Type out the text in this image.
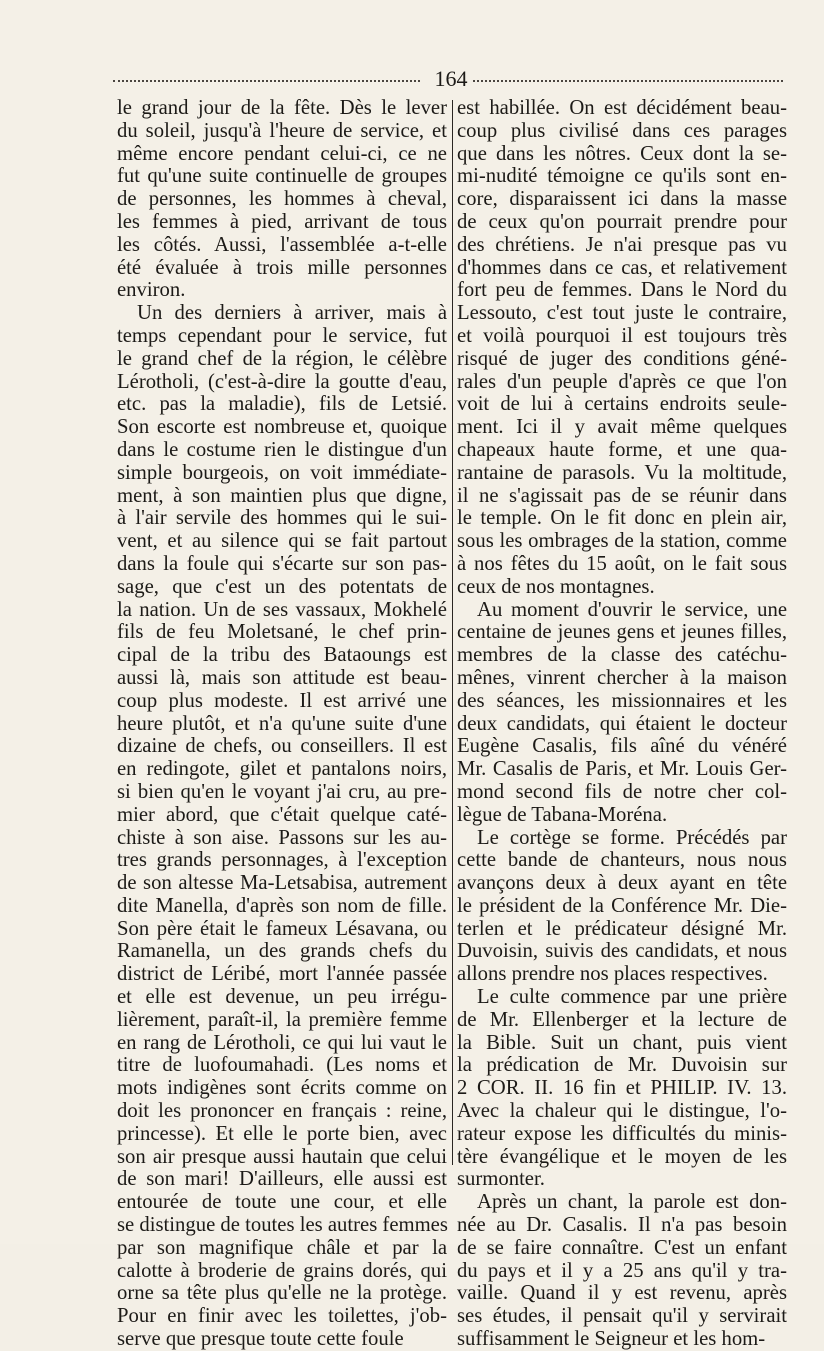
164
le grand jour de la fête. Dès le lever
du soleil, jusqu'à l'heure de service, et
même encore pendant celui-ci, ce ne
fut qu'une suite continuelle de groupes
de personnes, les hommes à cheval,
les femmes à pied, arrivant de tous
les côtés. Aussi, l'assemblée a-t-elle
été évaluée à trois mille personnes
environ.
Un des derniers à arriver, mais à
temps cependant pour le service, fut
le grand chef de la région, le célèbre
Lérotholi, (c'est-à-dire la goutte d'eau,
etc. pas la maladie), fils de Letsié.
Son escorte est nombreuse et, quoique
dans le costume rien le distingue d'un
simple bourgeois, on voit immédiate-
ment, à son maintien plus que digne,
à l'air servile des hommes qui le sui-
vent, et au silence qui se fait partout
dans la foule qui s'écarte sur son pas-
sage, que c'est un des potentats de
la nation. Un de ses vassaux, Mokhelé
fils de feu Moletsané, le chef prin-
cipal de la tribu des Bataoungs est
aussi là, mais son attitude est beau-
coup plus modeste. Il est arrivé une
heure plutôt, et n'a qu'une suite d'une
dizaine de chefs, ou conseillers. Il est
en redingote, gilet et pantalons noirs,
si bien qu'en le voyant j'ai cru, au pre-
mier abord, que c'était quelque caté-
chiste à son aise. Passons sur les au-
tres grands personnages, à l'exception
de son altesse Ma-Letsabisa, autrement
dite Manella, d'après son nom de fille.
Son père était le fameux Lésavana, ou
Ramanella, un des grands chefs du
district de Léribé, mort l'année passée
et elle est devenue, un peu irrégu-
lièrement, paraît-il, la première femme
en rang de Lérotholi, ce qui lui vaut le
titre de luofoumahadi. (Les noms et
mots indigènes sont écrits comme on
doit les prononcer en français : reine,
princesse). Et elle le porte bien, avec
son air presque aussi hautain que celui
de son mari! D'ailleurs, elle aussi est
entourée de toute une cour, et elle
se distingue de toutes les autres femmes
par son magnifique châle et par la
calotte à broderie de grains dorés, qui
orne sa tête plus qu'elle ne la protège.
Pour en finir avec les toilettes, j'ob-
serve que presque toute cette foule
est habillée. On est décidément beau-
coup plus civilisé dans ces parages
que dans les nôtres. Ceux dont la se-
mi-nudité témoigne ce qu'ils sont en-
core, disparaissent ici dans la masse
de ceux qu'on pourrait prendre pour
des chrétiens. Je n'ai presque pas vu
d'hommes dans ce cas, et relativement
fort peu de femmes. Dans le Nord du
Lessouto, c'est tout juste le contraire,
et voilà pourquoi il est toujours très
risqué de juger des conditions géné-
rales d'un peuple d'après ce que l'on
voit de lui à certains endroits seule-
ment. Ici il y avait même quelques
chapeaux haute forme, et une qua-
rantaine de parasols. Vu la moltitude,
il ne s'agissait pas de se réunir dans
le temple. On le fit donc en plein air,
sous les ombrages de la station, comme
à nos fêtes du 15 août, on le fait sous
ceux de nos montagnes.
Au moment d'ouvrir le service, une
centaine de jeunes gens et jeunes filles,
membres de la classe des catéchu-
mênes, vinrent chercher à la maison
des séances, les missionnaires et les
deux candidats, qui étaient le docteur
Eugène Casalis, fils aîné du vénéré
Mr. Casalis de Paris, et Mr. Louis Ger-
mond second fils de notre cher col-
lègue de Tabana-Moréna.
Le cortège se forme. Précédés par
cette bande de chanteurs, nous nous
avançons deux à deux ayant en tête
le président de la Conférence Mr. Die-
terlen et le prédicateur désigné Mr.
Duvoisin, suivis des candidats, et nous
allons prendre nos places respectives.
Le culte commence par une prière
de Mr. Ellenberger et la lecture de
la Bible. Suit un chant, puis vient
la prédication de Mr. Duvoisin sur
2 COR. II. 16 fin et PHILIP. IV. 13.
Avec la chaleur qui le distingue, l'o-
rateur expose les difficultés du minis-
tère évangélique et le moyen de les
surmonter.
Après un chant, la parole est don-
née au Dr. Casalis. Il n'a pas besoin
de se faire connaître. C'est un enfant
du pays et il y a 25 ans qu'il y tra-
vaille. Quand il y est revenu, après
ses études, il pensait qu'il y servirait
suffisamment le Seigneur et les hom-
